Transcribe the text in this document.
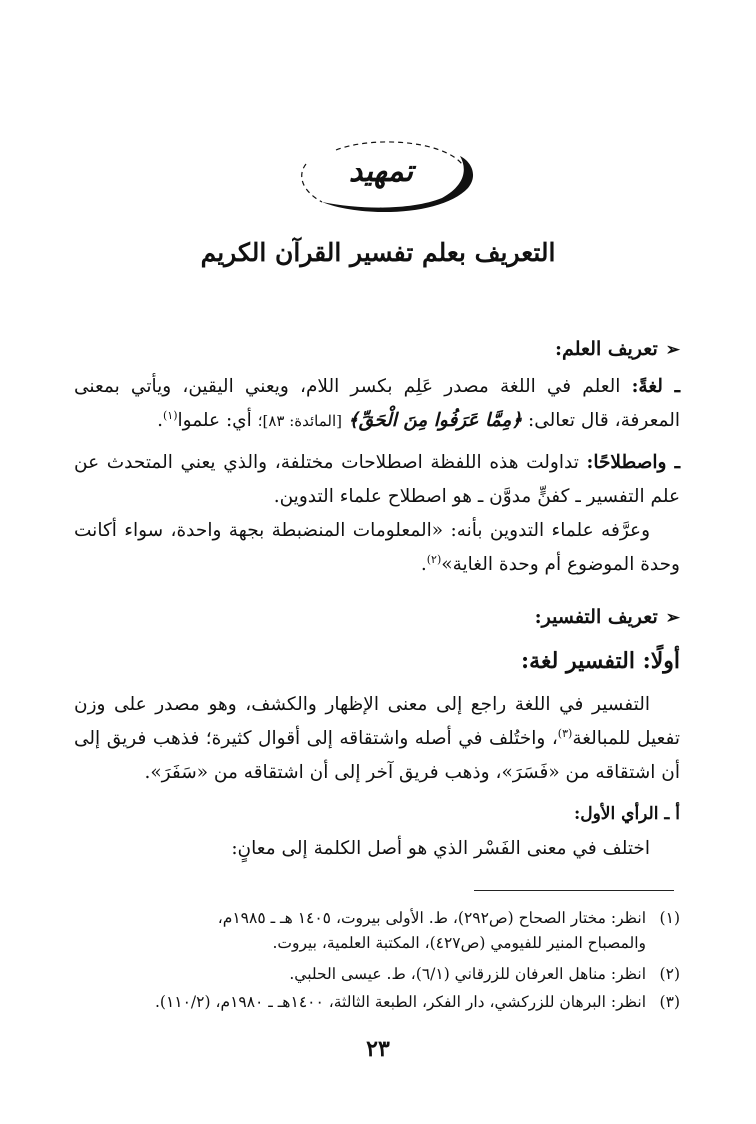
تمهيد
التعريف بعلم تفسير القرآن الكريم
➢تعريف العلم:

ـ لغةً: العلم في اللغة مصدر عَلِم بكسر اللام، ويعني اليقين، ويأتي بمعنى المعرفة، قال تعالى: ﴿مِمَّا عَرَفُوا مِنَ الْحَقِّ﴾ [المائدة: ٨٣]؛ أي: علموا$^{(١)}$.

ـ واصطلاحًا: تداولت هذه اللفظة اصطلاحات مختلفة، والذي يعني المتحدث عن علم التفسير ـ كفنٍّ مدوَّن ـ هو اصطلاح علماء التدوين.

وعرَّفه علماء التدوين بأنه: «المعلومات المنضبطة بجهة واحدة، سواء أكانت وحدة الموضوع أم وحدة الغاية»$^{(٢)}$.

➢تعريف التفسير:
أولًا: التفسير لغة:

التفسير في اللغة راجع إلى معنى الإظهار والكشف، وهو مصدر على وزن تفعيل للمبالغة$^{(٣)}$، واختُلف في أصله واشتقاقه إلى أقوال كثيرة؛ فذهب فريق إلى أن اشتقاقه من «فَسَرَ»، وذهب فريق آخر إلى أن اشتقاقه من «سَفَرَ».

أ ـ الرأي الأول:

اختلف في معنى الفَسْر الذي هو أصل الكلمة إلى معانٍ:

(١)انظر: مختار الصحاح (ص٢٩٢)، ط. الأولى بيروت، ١٤٠٥ هـ ـ ١٩٨٥م،
والمصباح المنير للفيومي (ص٤٢٧)، المكتبة العلمية، بيروت.

(٢)انظر: مناهل العرفان للزرقاني (٦/١)، ط. عيسى الحلبي.

(٣)انظر: البرهان للزركشي، دار الفكر، الطبعة الثالثة، ١٤٠٠هـ ـ ١٩٨٠م، (١١٠/٢).

٢٣
